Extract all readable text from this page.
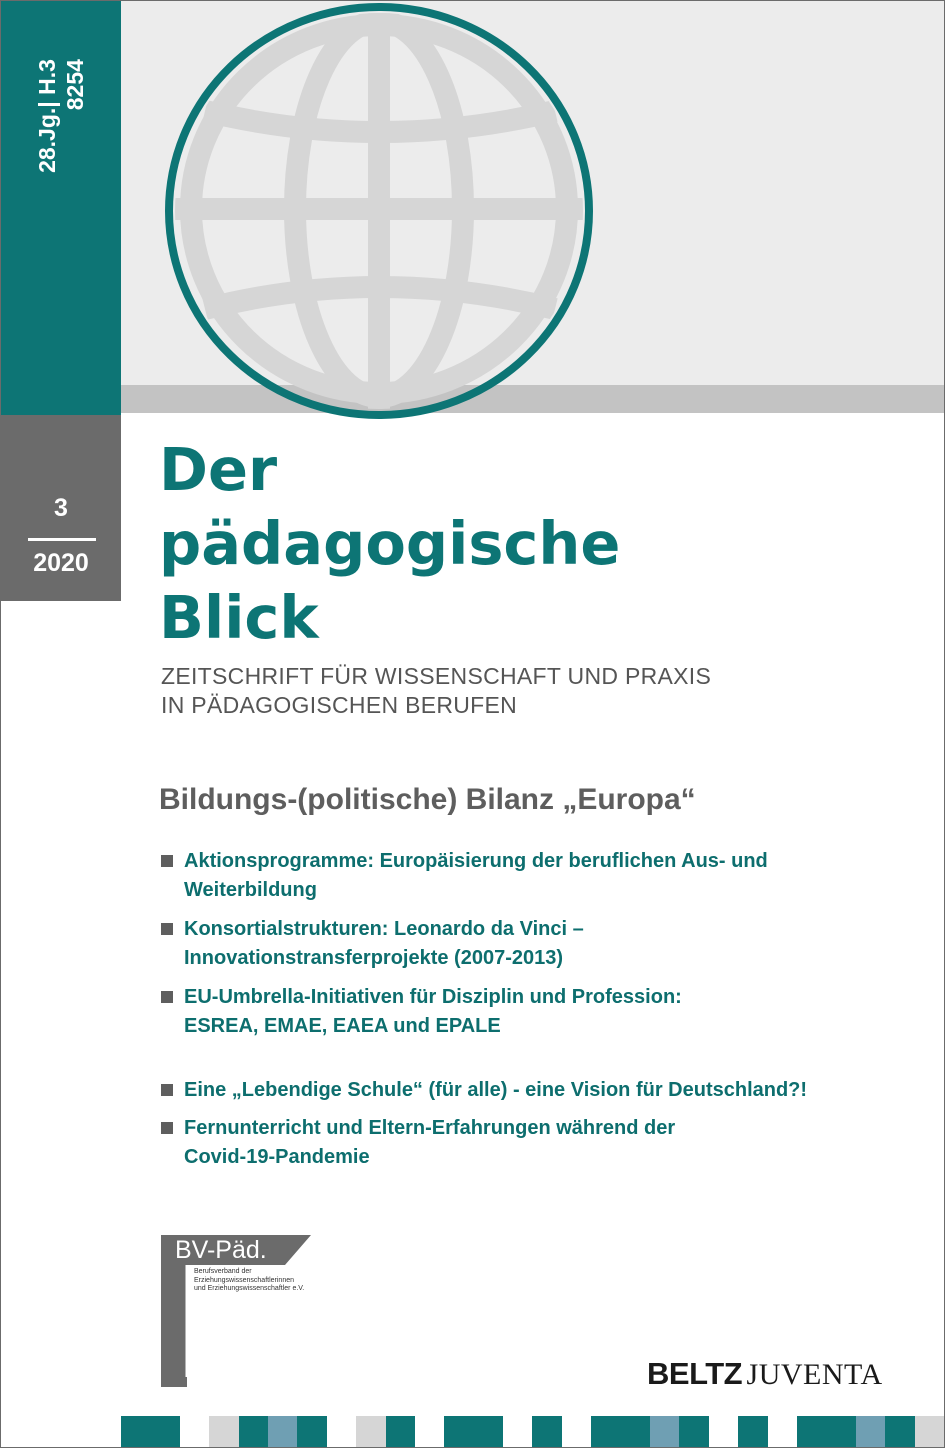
28.Jg.| H.3 8254
3
2020
Der
pädagogische
Blick
ZEITSCHRIFT FÜR WISSENSCHAFT UND PRAXIS
IN PÄDAGOGISCHEN BERUFEN
Bildungs-(politische) Bilanz „Europa“
Aktionsprogramme: Europäisierung der beruflichen Aus- und
Weiterbildung
Konsortialstrukturen: Leonardo da Vinci –
Innovationstransferprojekte (2007-2013)
EU-Umbrella-Initiativen für Disziplin und Profession:
ESREA, EMAE, EAEA und EPALE
Eine „Lebendige Schule“ (für alle) - eine Vision für Deutschland?!
Fernunterricht und Eltern-Erfahrungen während der
Covid-19-Pandemie
BV-Päd.
Berufsverband der
Erziehungswissenschaftlerinnen
und Erziehungswissenschaftler e.V.
BELTZ JUVENTA
